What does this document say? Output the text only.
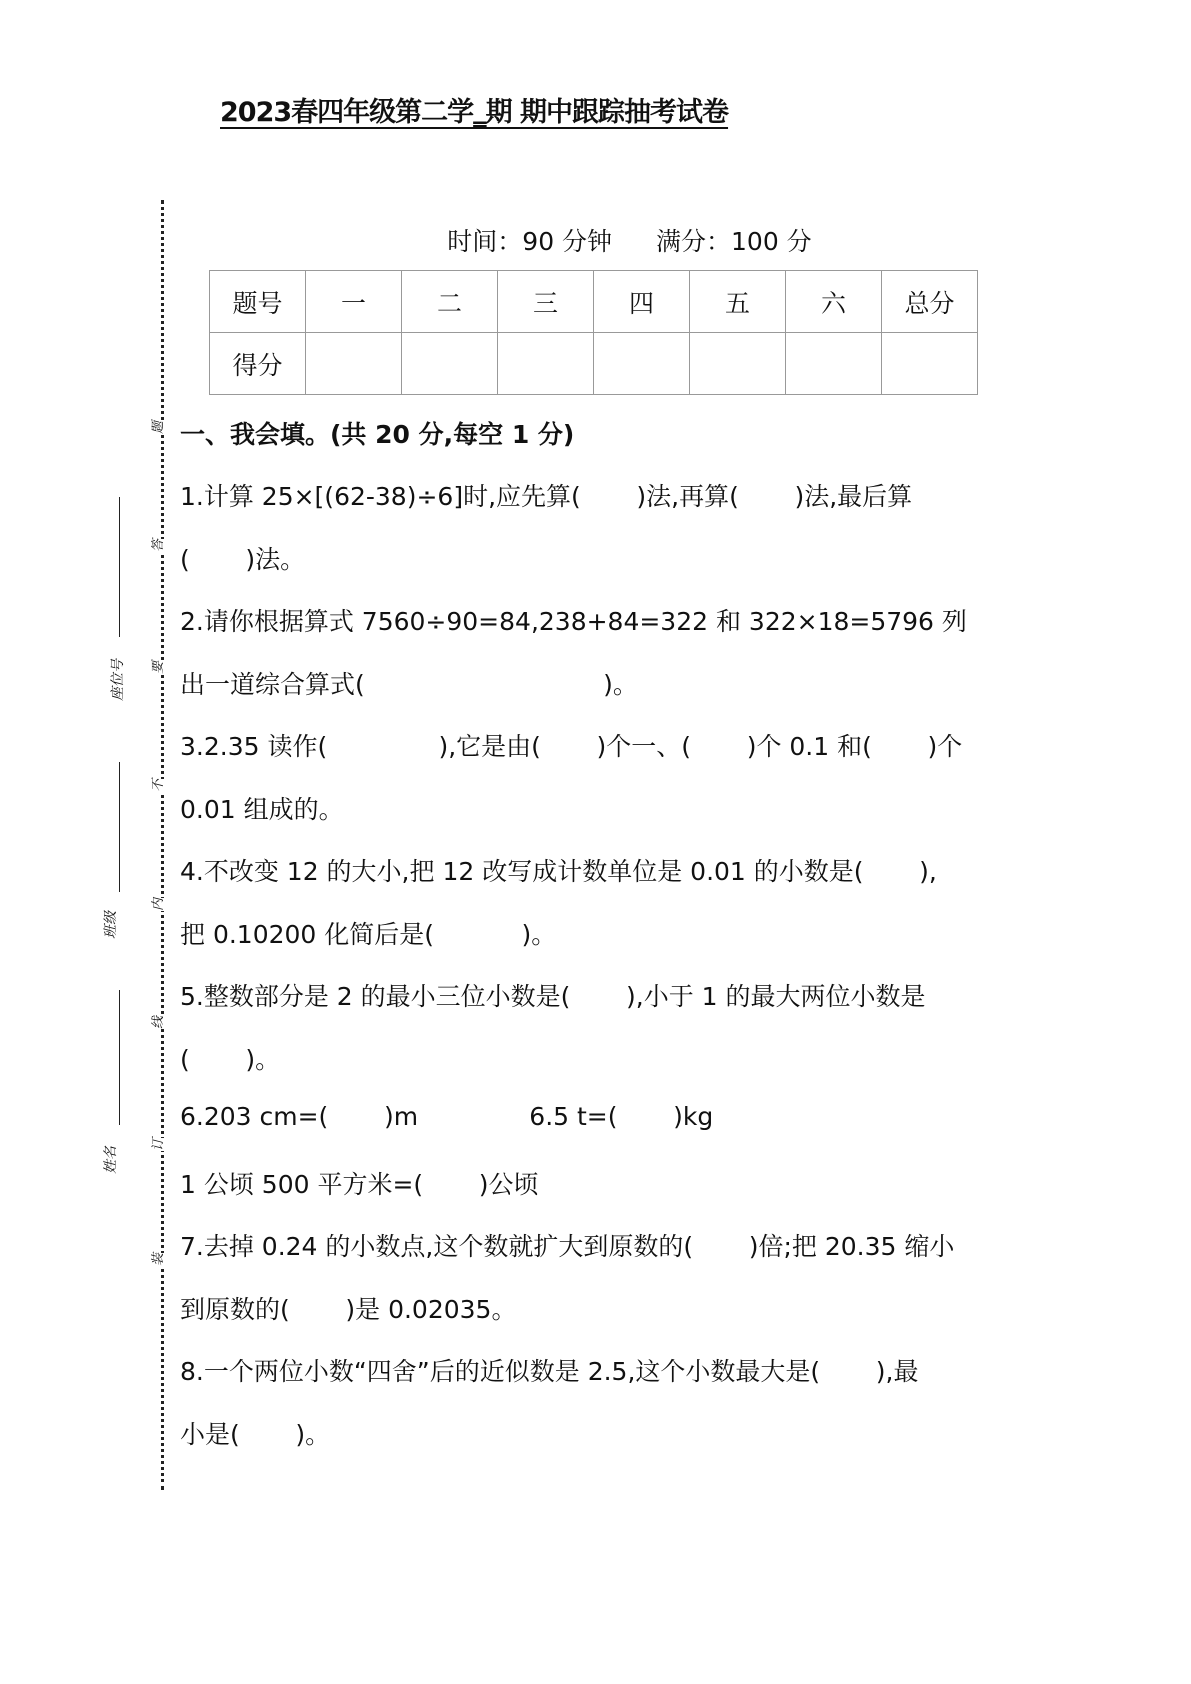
2023春四年级第二学‗期 期中跟踪抽考试卷
时间：90 分钟 满分：100 分
题号	一	二	三	四	五	六	总分
得分							
题
答
要
不
内
线
订
装
座位号
班级
姓名
一、我会填。(共 20 分,每空 1 分)
1.计算 25×[(62-38)÷6]时,应先算(       )法,再算(       )法,最后算
(       )法。
2.请你根据算式 7560÷90=84,238+84=322 和 322×18=5796 列
出一道综合算式(                              )。
3.2.35 读作(              ),它是由(       )个一、(       )个 0.1 和(       )个
0.01 组成的。
4.不改变 12 的大小,把 12 改写成计数单位是 0.01 的小数是(       ),
把 0.10200 化简后是(           )。
5.整数部分是 2 的最小三位小数是(       ),小于 1 的最大两位小数是
(       )。
6.203 cm=(       )m              6.5 t=(       )kg
1 公顷 500 平方米=(       )公顷
7.去掉 0.24 的小数点,这个数就扩大到原数的(       )倍;把 20.35 缩小
到原数的(       )是 0.02035。
8.一个两位小数“四舍”后的近似数是 2.5,这个小数最大是(       ),最
小是(       )。
